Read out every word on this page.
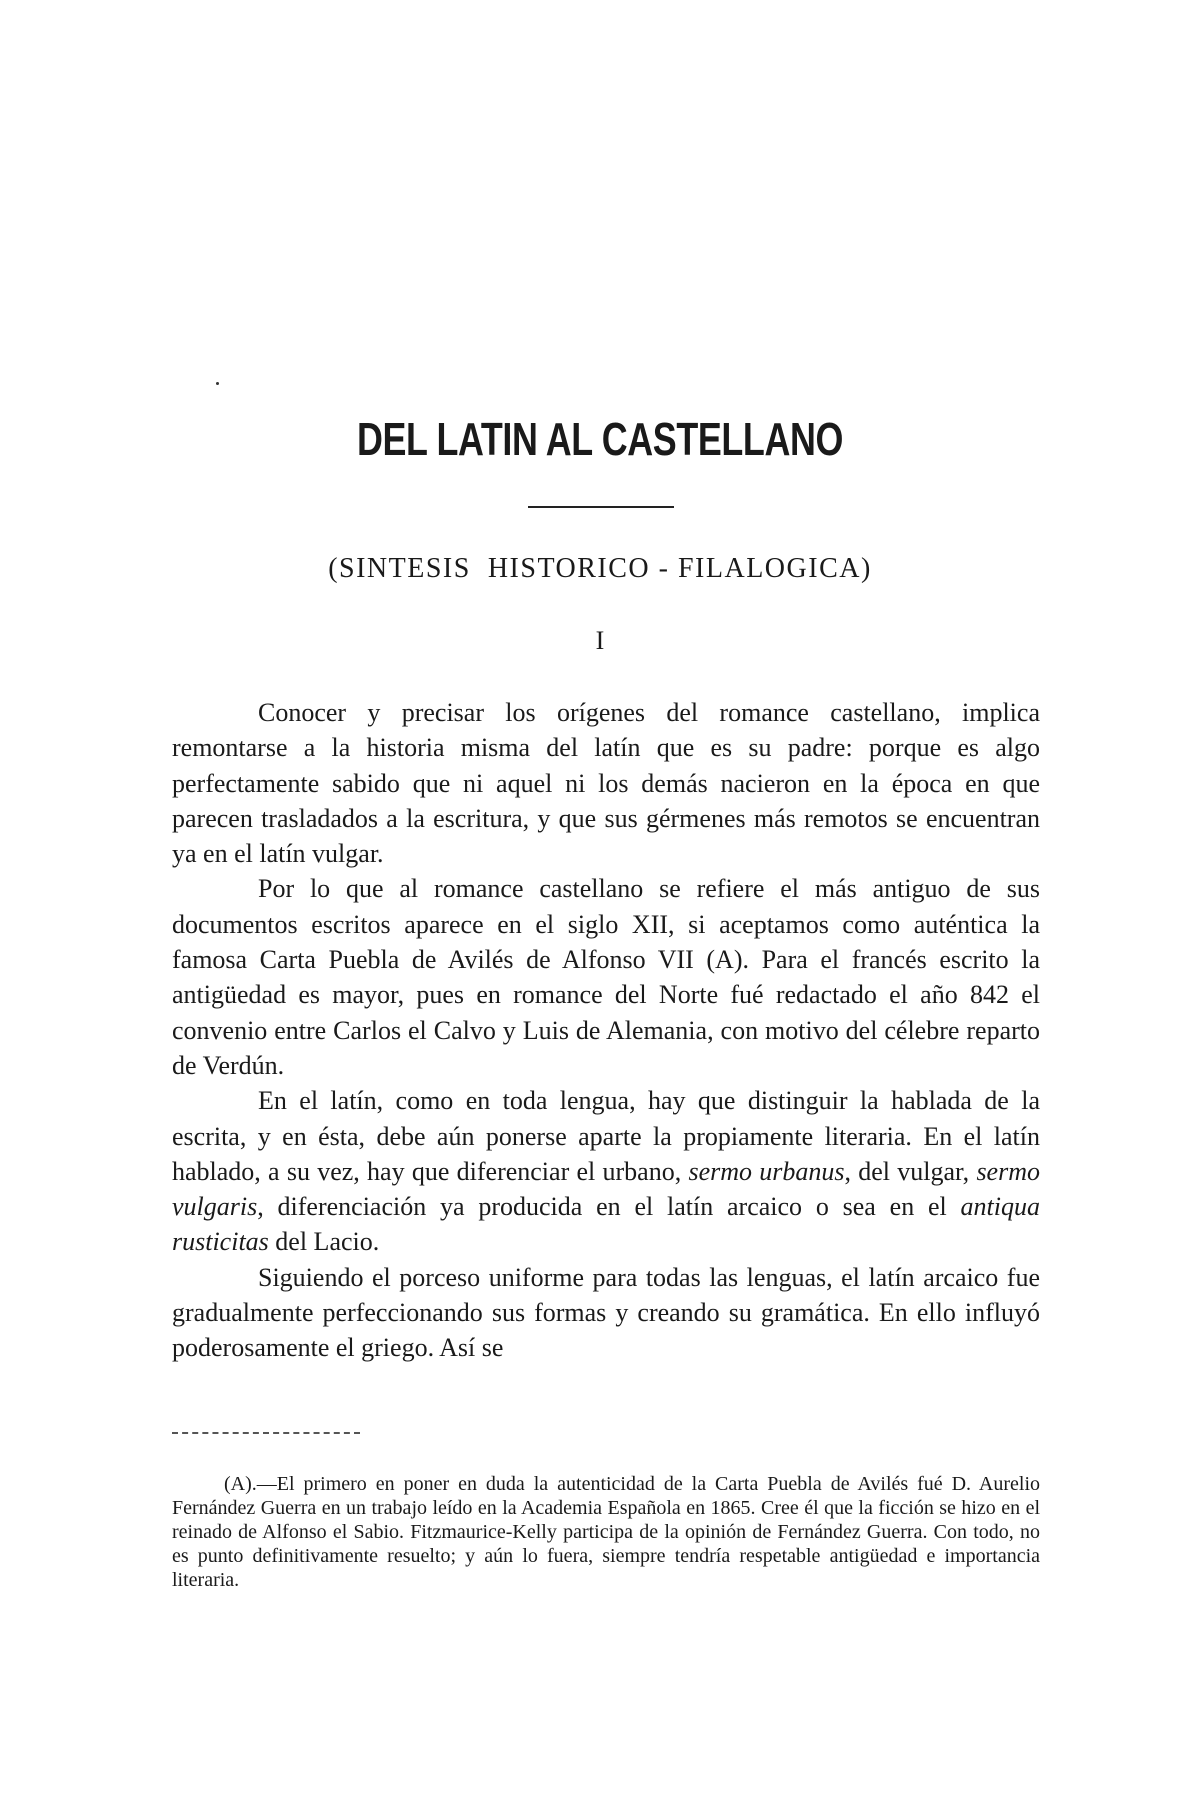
DEL LATIN AL CASTELLANO
(SINTESIS  HISTORICO - FILALOGICA)
I

Conocer y precisar los orígenes del romance castellano, implica remontarse a la historia misma del latín que es su padre: porque es algo perfectamente sabido que ni aquel ni los demás nacieron en la época en que parecen trasladados a la escritura, y que sus gérmenes más remotos se encuentran ya en el latín vulgar.

Por lo que al romance castellano se refiere el más antiguo de sus documentos escritos aparece en el siglo XII, si aceptamos como auténtica la famosa Carta Puebla de Avilés de Alfonso VII (A). Para el francés escrito la antigüedad es mayor, pues en romance del Norte fué redactado el año 842 el convenio entre Carlos el Calvo y Luis de Alemania, con motivo del célebre reparto de Verdún.

En el latín, como en toda lengua, hay que distinguir la hablada de la escrita, y en ésta, debe aún ponerse aparte la propiamente literaria. En el latín hablado, a su vez, hay que diferenciar el urbano, sermo urbanus, del vulgar, sermo vulgaris, diferenciación ya producida en el latín arcaico o sea en el antiqua rusticitas del Lacio.

Siguiendo el porceso uniforme para todas las lenguas, el latín arcaico fue gradualmente perfeccionando sus formas y creando su gramática. En ello influyó poderosamente el griego. Así se

(A).—El primero en poner en duda la autenticidad de la Carta Puebla de Avilés fué D. Aurelio Fernández Guerra en un trabajo leído en la Academia Española en 1865. Cree él que la ficción se hizo en el reinado de Alfonso el Sabio. Fitzmaurice-Kelly participa de la opinión de Fernández Guerra. Con todo, no es punto definitivamente resuelto; y aún lo fuera, siempre tendría respetable antigüedad e importancia literaria.
